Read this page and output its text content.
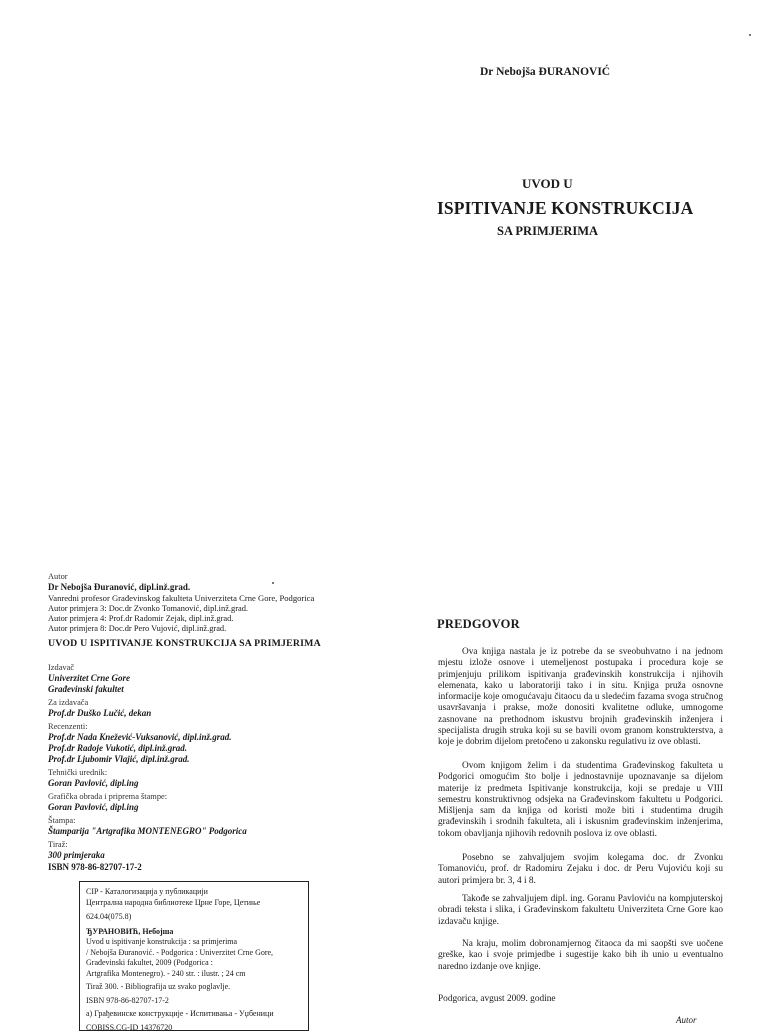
Dr Nebojša ĐURANOVIĆ
UVOD U
ISPITIVANJE KONSTRUKCIJA
SA PRIMJERIMA
Autor
Dr Nebojša Đuranović, dipl.inž.grad.
Vanredni profesor Građevinskog fakulteta Univerziteta Crne Gore, Podgorica
Autor primjera 3: Doc.dr Zvonko Tomanović, dipl.inž.grad.
Autor primjera 4: Prof.dr Radomir Zejak, dipl.inž.grad.
Autor primjera 8: Doc.dr Pero Vujović, dipl.inž.grad.
UVOD U ISPITIVANJE KONSTRUKCIJA SA PRIMJERIMA
Izdavač
Univerzitet Crne Gore
Građevinski fakultet
Za izdavača
Prof.dr Duško Lučić, dekan
Recenzenti:
Prof.dr Nada Knežević-Vuksanović, dipl.inž.grad.
Prof.dr Radoje Vukotić, dipl.inž.grad.
Prof.dr Ljubomir Vlajić, dipl.inž.grad.
Tehnički urednik:
Goran Pavlović, dipl.ing
Grafička obrada i priprema štampe:
Goran Pavlović, dipl.ing
Štampa:
Štamparija "Artgrafika MONTENEGRO" Podgorica
Tiraž:
300 primjeraka
ISBN 978-86-82707-17-2
CIP - Каталогизација у публикацији
Централна народна библиотеке Црне Горе, Цетиње
624.04(075.8)
ЂУРАНОВИЋ, Небојша
Uvod u ispitivanje konstrukcija : sa primjerima
/ Nebojša Đuranović. - Podgorica : Univerzitet Crne Gore,
Građevinski fakultet, 2009 (Podgorica :
Artgrafika Montenegro). - 240 str. : ilustr. ; 24 cm
Tiraž 300. - Bibliografija uz svako poglavlje.
ISBN 978-86-82707-17-2
a) Грађевинске конструкције - Испитивања - Уџбеници
COBISS.CG-ID 14376720
PREDGOVOR

Ova knjiga nastala je iz potrebe da se sveobuhvatno i na jednom mjestu izlože osnove i utemeljenost postupaka i procedura koje se primjenjuju prilikom ispitivanja građevinskih konstrukcija i njihovih elemenata, kako u laboratoriji tako i in situ. Knjiga pruža osnovne informacije koje omogućavaju čitaocu da u sledećim fazama svoga stručnog usavršavanja i prakse, može donositi kvalitetne odluke, umnogome zasnovane na prethodnom iskustvu brojnih građevinskih inženjera i specijalista drugih struka koji su se bavili ovom granom konstrukterstva, a koje je dobrim dijelom pretočeno u zakonsku regulativu iz ove oblasti.

Ovom knjigom želim i da studentima Građevinskog fakulteta u Podgorici omogućim što bolje i jednostavnije upoznavanje sa dijelom materije iz predmeta Ispitivanje konstrukcija, koji se predaje u VIII semestru konstruktivnog odsjeka na Građevinskom fakultetu u Podgorici. Mišljenja sam da knjiga od koristi može biti i studentima drugih građevinskih i srodnih fakulteta, ali i iskusnim građevinskim inženjerima, tokom obavljanja njihovih redovnih poslova iz ove oblasti.

Posebno se zahvaljujem svojim kolegama doc. dr Zvonku Tomanoviću, prof. dr Radomiru Zejaku i doc. dr Peru Vujoviću koji su autori primjera br. 3, 4 i 8.

Takođe se zahvaljujem dipl. ing. Goranu Pavloviću na kompjuterskoj obradi teksta i slika, i Građevinskom fakultetu Univerziteta Crne Gore kao izdavaču knjige.

Na kraju, molim dobronamjernog čitaoca da mi saopšti sve uočene greške, kao i svoje primjedbe i sugestije kako bih ih unio u eventualno naredno izdanje ove knjige.

Podgorica, avgust 2009. godine
Autor
